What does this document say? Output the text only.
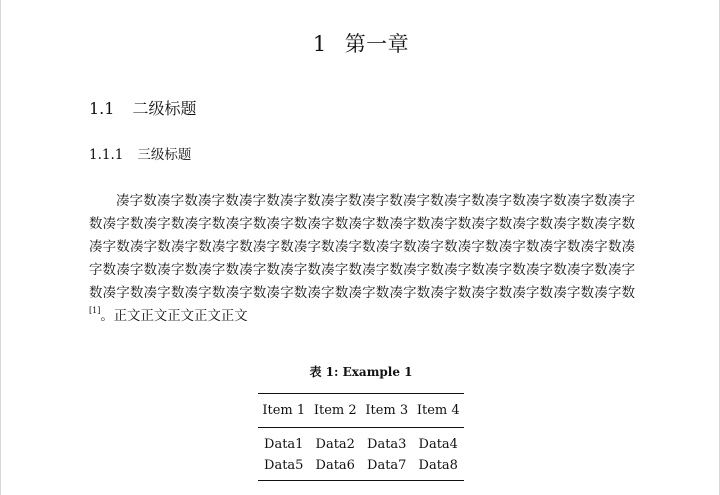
1 第一章
1.1 二级标题
1.1.1 三级标题

凑字数凑字数凑字数凑字数凑字数凑字数凑字数凑字数凑字数凑字数凑字数凑字数凑字数凑字数凑字数凑字数凑字数凑字数凑字数凑字数凑字数凑字数凑字数凑字数凑字数凑字数凑字数凑字数凑字数凑字数凑字数凑字数凑字数凑字数凑字数凑字数凑字数凑字数凑字数凑字数凑字数凑字数凑字数凑字数凑字数凑字数凑字数凑字数凑字数凑字数凑字数凑字数凑字数凑字数凑字数凑字数凑字数凑字数凑字数凑字数凑字数凑字数凑字数凑字数凑字数凑字数[1]。正文正文正文正文正文

表 1: Example 1
Item 1	Item 2	Item 3	Item 4
Data1	Data2	Data3	Data4
Data5	Data6	Data7	Data8
